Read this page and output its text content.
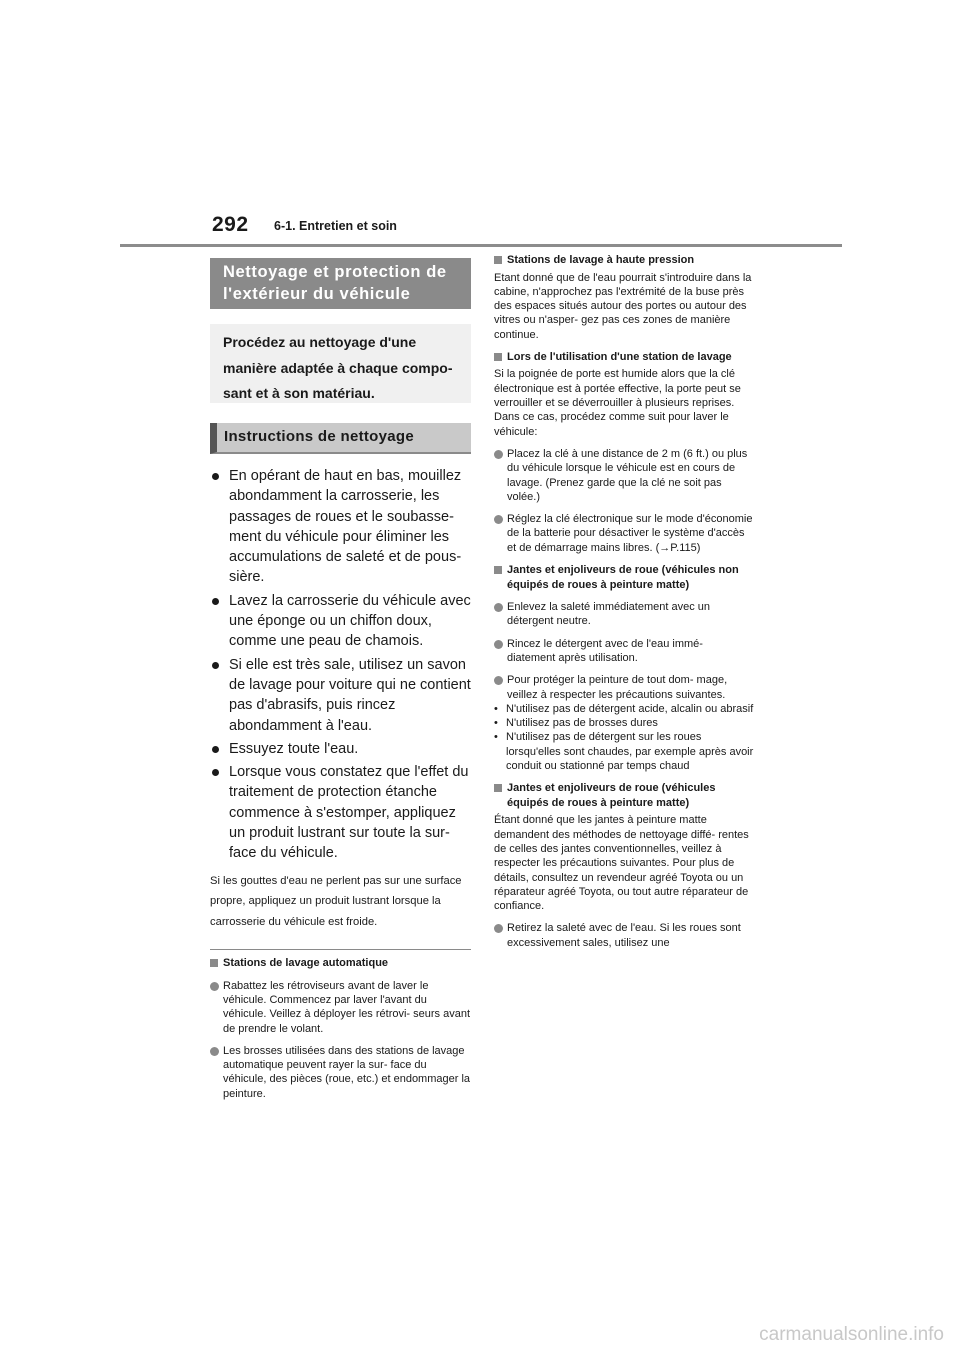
292 6-1. Entretien et soin
Nettoyage et protection de l'extérieur du véhicule
Procédez au nettoyage d'une manière adaptée à chaque compo- sant et à son matériau.
Instructions de nettoyage
En opérant de haut en bas, mouillez abondamment la carrosserie, les passages de roues et le soubasse- ment du véhicule pour éliminer les accumulations de saleté et de pous- sière.
Lavez la carrosserie du véhicule avec une éponge ou un chiffon doux, comme une peau de chamois.
Si elle est très sale, utilisez un savon de lavage pour voiture qui ne contient pas d'abrasifs, puis rincez abondamment à l'eau.
Essuyez toute l'eau.
Lorsque vous constatez que l'effet du traitement de protection étanche commence à s'estomper, appliquez un produit lustrant sur toute la sur- face du véhicule.
Si les gouttes d'eau ne perlent pas sur une surface propre, appliquez un produit lustrant lorsque la carrosserie du véhicule est froide.
Stations de lavage automatique
Rabattez les rétroviseurs avant de laver le véhicule. Commencez par laver l'avant du véhicule. Veillez à déployer les rétrovi- seurs avant de prendre le volant.
Les brosses utilisées dans des stations de lavage automatique peuvent rayer la sur- face du véhicule, des pièces (roue, etc.) et endommager la peinture.
Stations de lavage à haute pression
Etant donné que de l'eau pourrait s'introduire dans la cabine, n'approchez pas l'extrémité de la buse près des espaces situés autour des portes ou autour des vitres ou n'asper- gez pas ces zones de manière continue.
Lors de l'utilisation d'une station de lavage
Si la poignée de porte est humide alors que la clé électronique est à portée effective, la porte peut se verrouiller et se déverrouiller à plusieurs reprises. Dans ce cas, procédez comme suit pour laver le véhicule:
Placez la clé à une distance de 2 m (6 ft.) ou plus du véhicule lorsque le véhicule est en cours de lavage. (Prenez garde que la clé ne soit pas volée.)
Réglez la clé électronique sur le mode d'économie de la batterie pour désactiver le système d'accès et de démarrage mains libres. (→P.115)
Jantes et enjoliveurs de roue (véhicules non équipés de roues à peinture matte)
Enlevez la saleté immédiatement avec un détergent neutre.
Rincez le détergent avec de l'eau immé- diatement après utilisation.
Pour protéger la peinture de tout dom- mage, veillez à respecter les précautions suivantes.
• N'utilisez pas de détergent acide, alcalin ou abrasif
• N'utilisez pas de brosses dures
• N'utilisez pas de détergent sur les roues lorsqu'elles sont chaudes, par exemple après avoir conduit ou stationné par temps chaud
Jantes et enjoliveurs de roue (véhicules équipés de roues à peinture matte)
Étant donné que les jantes à peinture matte demandent des méthodes de nettoyage diffé- rentes de celles des jantes conventionnelles, veillez à respecter les précautions suivantes. Pour plus de détails, consultez un revendeur agréé Toyota ou un réparateur agréé Toyota, ou tout autre réparateur de confiance.
Retirez la saleté avec de l'eau. Si les roues sont excessivement sales, utilisez une
carmanualsonline.info
